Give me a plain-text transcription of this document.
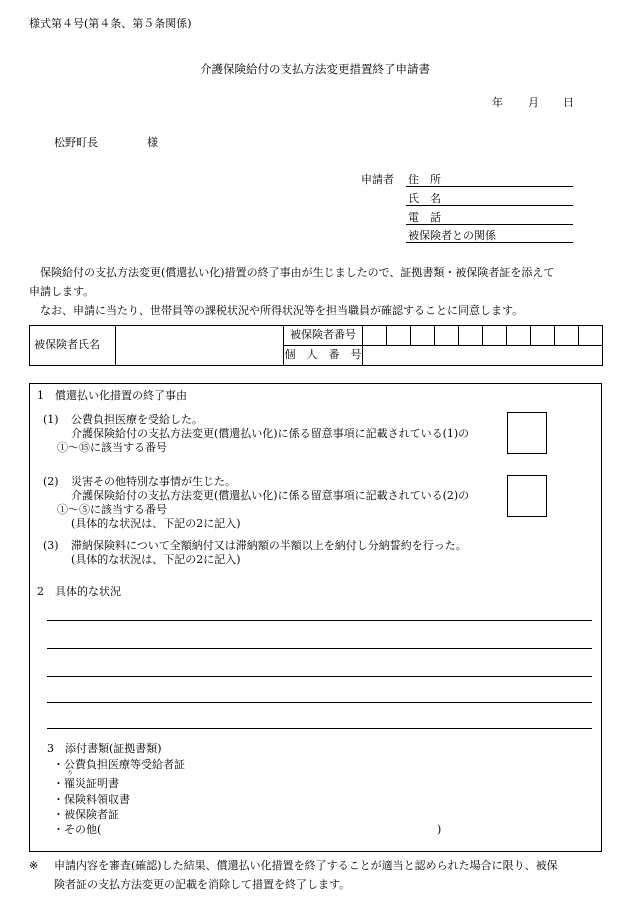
様式第４号(第４条、第５条関係)
介護保険給付の支払方法変更措置終了申請書
年 月 日
松野町長	様
申請者 住　所
氏　名
電　話
被保険者との関係
保険給付の支払方法変更(償還払い化)措置の終了事由が生じましたので、証拠書類・被保険者証を添えて
申請します。
なお、申請に当たり、世帯員等の課税状況や所得状況等を担当職員が確認することに同意します。
被保険者氏名		被保険者番号										
		個　人　番　号										
1　償還払い化措置の終了事由
(1) 公費負担医療を受給した。
介護保険給付の支払方法変更(償還払い化)に係る留意事項に記載されている(1)の
①～⑮に該当する番号
(2) 災害その他特別な事情が生じた。
介護保険給付の支払方法変更(償還払い化)に係る留意事項に記載されている(2)の
①～⑤に該当する番号
(具体的な状況は、下記の2に記入)
(3) 滞納保険料について全額納付又は滞納額の半額以上を納付し分納誓約を行った。
(具体的な状況は、下記の2に記入)
2　具体的な状況
3　添付書類(証拠書類)
・公費負担医療等受給者証
り
・罹災証明書
・保険料領収書
・被保険者証
・その他(	)
※ 申請内容を審査(確認)した結果、償還払い化措置を終了することが適当と認められた場合に限り、被保
険者証の支払方法変更の記載を消除して措置を終了します。
